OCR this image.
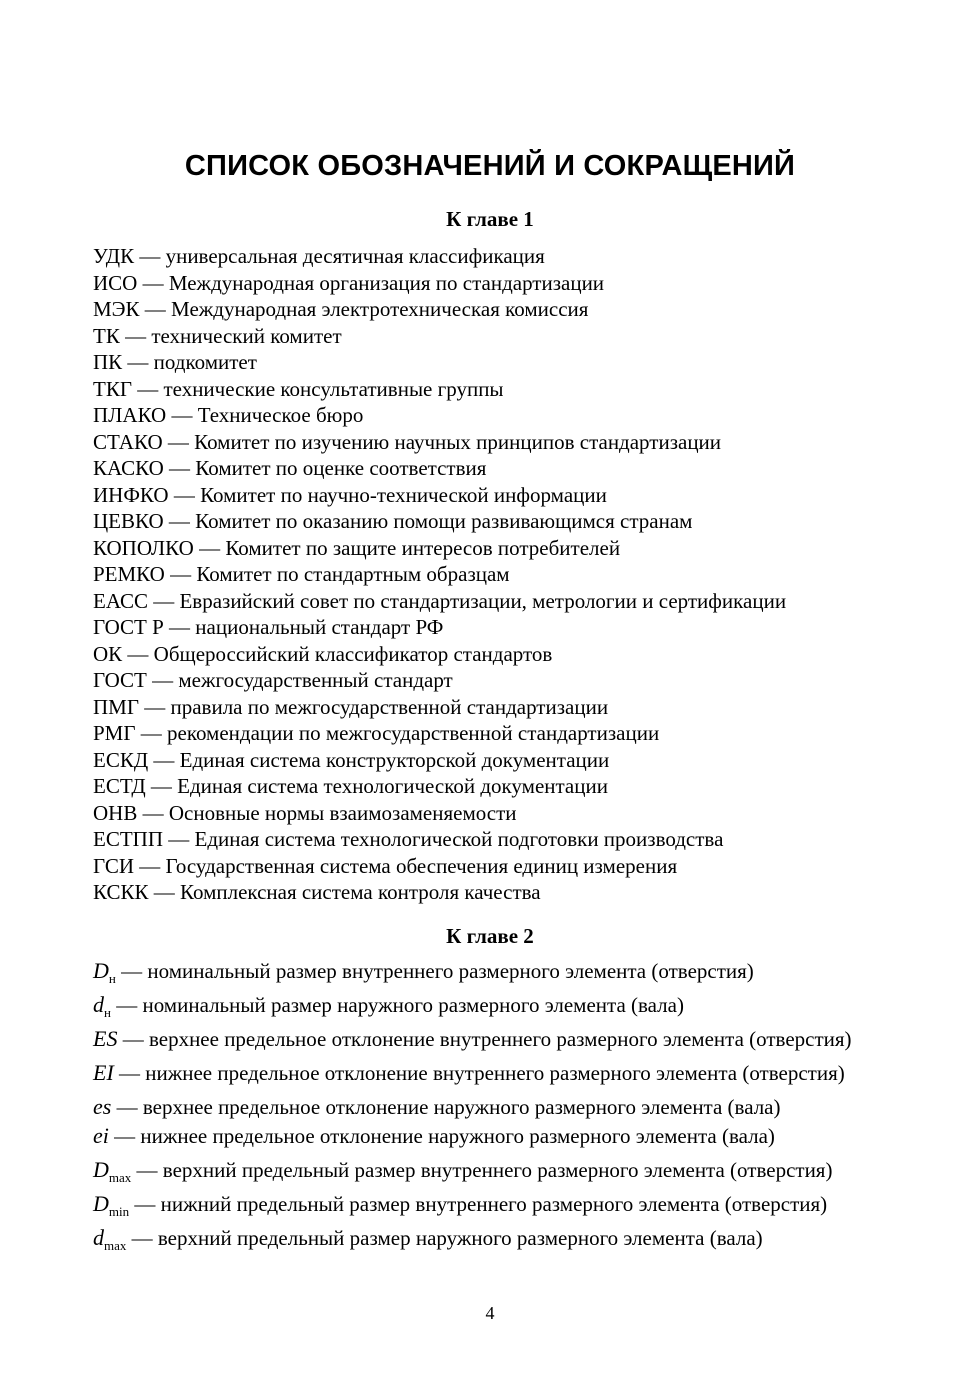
СПИСОК ОБОЗНАЧЕНИЙ И СОКРАЩЕНИЙ
К главе 1
УДК — универсальная десятичная классификация
ИСО — Международная организация по стандартизации
МЭК — Международная электротехническая комиссия
ТК — технический комитет
ПК — подкомитет
ТКГ — технические консультативные группы
ПЛАКО — Техническое бюро
СТАКО — Комитет по изучению научных принципов стандартизации
КАСКО — Комитет по оценке соответствия
ИНФКО — Комитет по научно-технической информации
ЦЕВКО — Комитет по оказанию помощи развивающимся странам
КОПОЛКО — Комитет по защите интересов потребителей
РЕМКО — Комитет по стандартным образцам
ЕАСС — Евразийский совет по стандартизации, метрологии и сертификации
ГОСТ Р — национальный стандарт РФ
ОК — Общероссийский классификатор стандартов
ГОСТ — межгосударственный стандарт
ПМГ — правила по межгосударственной стандартизации
РМГ — рекомендации по межгосударственной стандартизации
ЕСКД — Единая система конструкторской документации
ЕСТД — Единая система технологической документации
ОНВ — Основные нормы взаимозаменяемости
ЕСТПП — Единая система технологической подготовки производства
ГСИ — Государственная система обеспечения единиц измерения
КСКК — Комплексная система контроля качества
К главе 2
$D_н$ — номинальный размер внутреннего размерного элемента (отверстия)
$d_н$ — номинальный размер наружного размерного элемента (вала)
ES — верхнее предельное отклонение внутреннего размерного элемента (отверстия)
EI — нижнее предельное отклонение внутреннего размерного элемента (отверстия)
es — верхнее предельное отклонение наружного размерного элемента (вала)
ei — нижнее предельное отклонение наружного размерного элемента (вала)
$D_{max}$ — верхний предельный размер внутреннего размерного элемента (отверстия)
$D_{min}$ — нижний предельный размер внутреннего размерного элемента (отверстия)
$d_{max}$ — верхний предельный размер наружного размерного элемента (вала)
4
